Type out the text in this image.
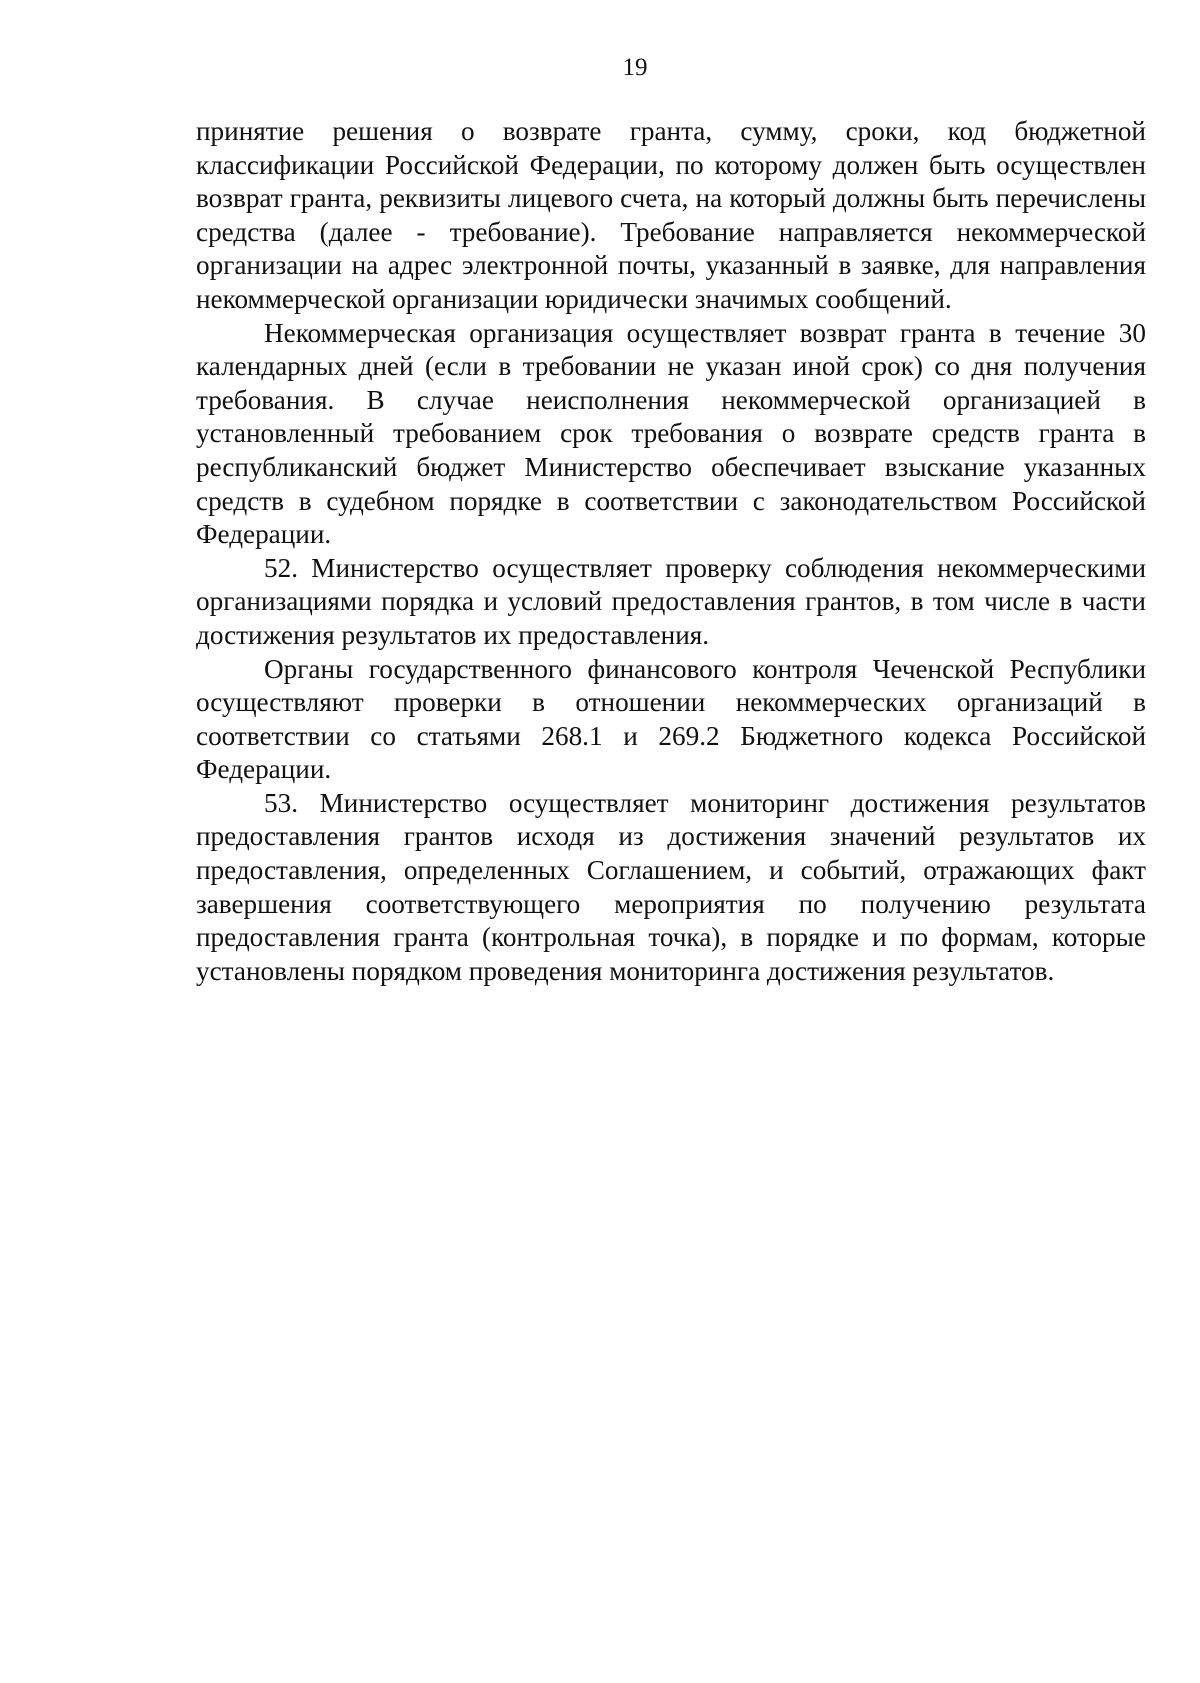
19

принятие решения о возврате гранта, сумму, сроки, код бюджетной классификации Российской Федерации, по которому должен быть осуществлен возврат гранта, реквизиты лицевого счета, на который должны быть перечислены средства (далее - требование). Требование направляется некоммерческой организации на адрес электронной почты, указанный в заявке, для направления некоммерческой организации юридически значимых сообщений.

Некоммерческая организация осуществляет возврат гранта в течение 30 календарных дней (если в требовании не указан иной срок) со дня получения требования. В случае неисполнения некоммерческой организацией в установленный требованием срок требования о возврате средств гранта в республиканский бюджет Министерство обеспечивает взыскание указанных средств в судебном порядке в соответствии с законодательством Российской Федерации.

52. Министерство осуществляет проверку соблюдения некоммерческими организациями порядка и условий предоставления грантов, в том числе в части достижения результатов их предоставления.

Органы государственного финансового контроля Чеченской Республики осуществляют проверки в отношении некоммерческих организаций в соответствии со статьями 268.1 и 269.2 Бюджетного кодекса Российской Федерации.

53. Министерство осуществляет мониторинг достижения результатов предоставления грантов исходя из достижения значений результатов их предоставления, определенных Соглашением, и событий, отражающих факт завершения соответствующего мероприятия по получению результата предоставления гранта (контрольная точка), в порядке и по формам, которые установлены порядком проведения мониторинга достижения результатов.
